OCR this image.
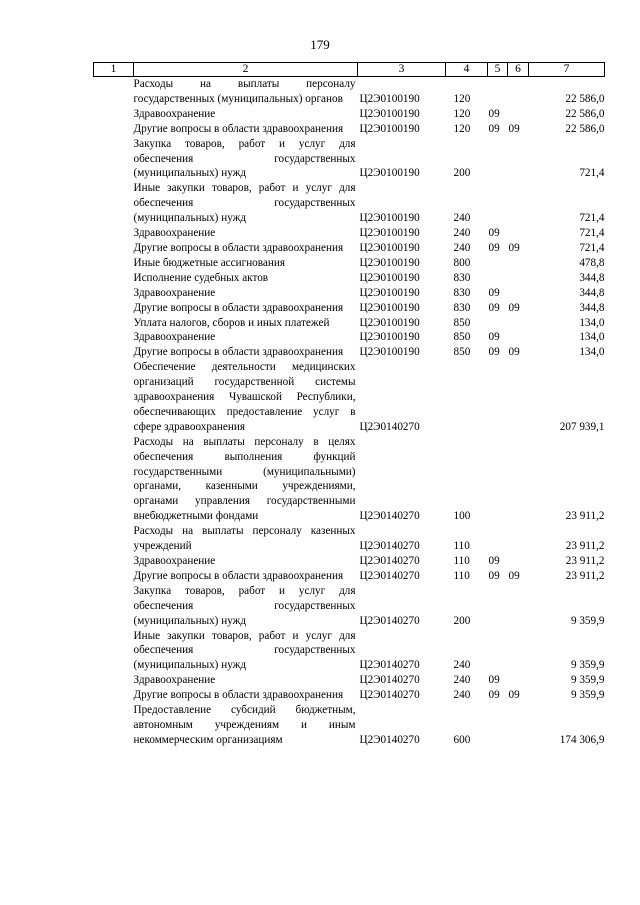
179
1	2	3	4	5	6	7
	Расходы на выплаты персоналу государственных (муниципальных) органов	Ц2Э0100190	120			22 586,0
	Здравоохранение	Ц2Э0100190	120	09		22 586,0
	Другие вопросы в области здравоохранения	Ц2Э0100190	120	09	09	22 586,0
	Закупка товаров, работ и услуг для обеспечения государственных (муниципальных) нужд	Ц2Э0100190	200			721,4
	Иные закупки товаров, работ и услуг для обеспечения государственных (муниципальных) нужд	Ц2Э0100190	240			721,4
	Здравоохранение	Ц2Э0100190	240	09		721,4
	Другие вопросы в области здравоохранения	Ц2Э0100190	240	09	09	721,4
	Иные бюджетные ассигнования	Ц2Э0100190	800			478,8
	Исполнение судебных актов	Ц2Э0100190	830			344,8
	Здравоохранение	Ц2Э0100190	830	09		344,8
	Другие вопросы в области здравоохранения	Ц2Э0100190	830	09	09	344,8
	Уплата налогов, сборов и иных платежей	Ц2Э0100190	850			134,0
	Здравоохранение	Ц2Э0100190	850	09		134,0
	Другие вопросы в области здравоохранения	Ц2Э0100190	850	09	09	134,0
	Обеспечение деятельности медицинских организаций государственной системы здравоохранения Чувашской Республики, обеспечивающих предоставление услуг в сфере здравоохранения	Ц2Э0140270				207 939,1
	Расходы на выплаты персоналу в целях обеспечения выполнения функций государственными (муниципальными) органами, казенными учреждениями, органами управления государственными внебюджетными фондами	Ц2Э0140270	100			23 911,2
	Расходы на выплаты персоналу казенных учреждений	Ц2Э0140270	110			23 911,2
	Здравоохранение	Ц2Э0140270	110	09		23 911,2
	Другие вопросы в области здравоохранения	Ц2Э0140270	110	09	09	23 911,2
	Закупка товаров, работ и услуг для обеспечения государственных (муниципальных) нужд	Ц2Э0140270	200			9 359,9
	Иные закупки товаров, работ и услуг для обеспечения государственных (муниципальных) нужд	Ц2Э0140270	240			9 359,9
	Здравоохранение	Ц2Э0140270	240	09		9 359,9
	Другие вопросы в области здравоохранения	Ц2Э0140270	240	09	09	9 359,9
	Предоставление субсидий бюджетным, автономным учреждениям и иным некоммерческим организациям	Ц2Э0140270	600			174 306,9
